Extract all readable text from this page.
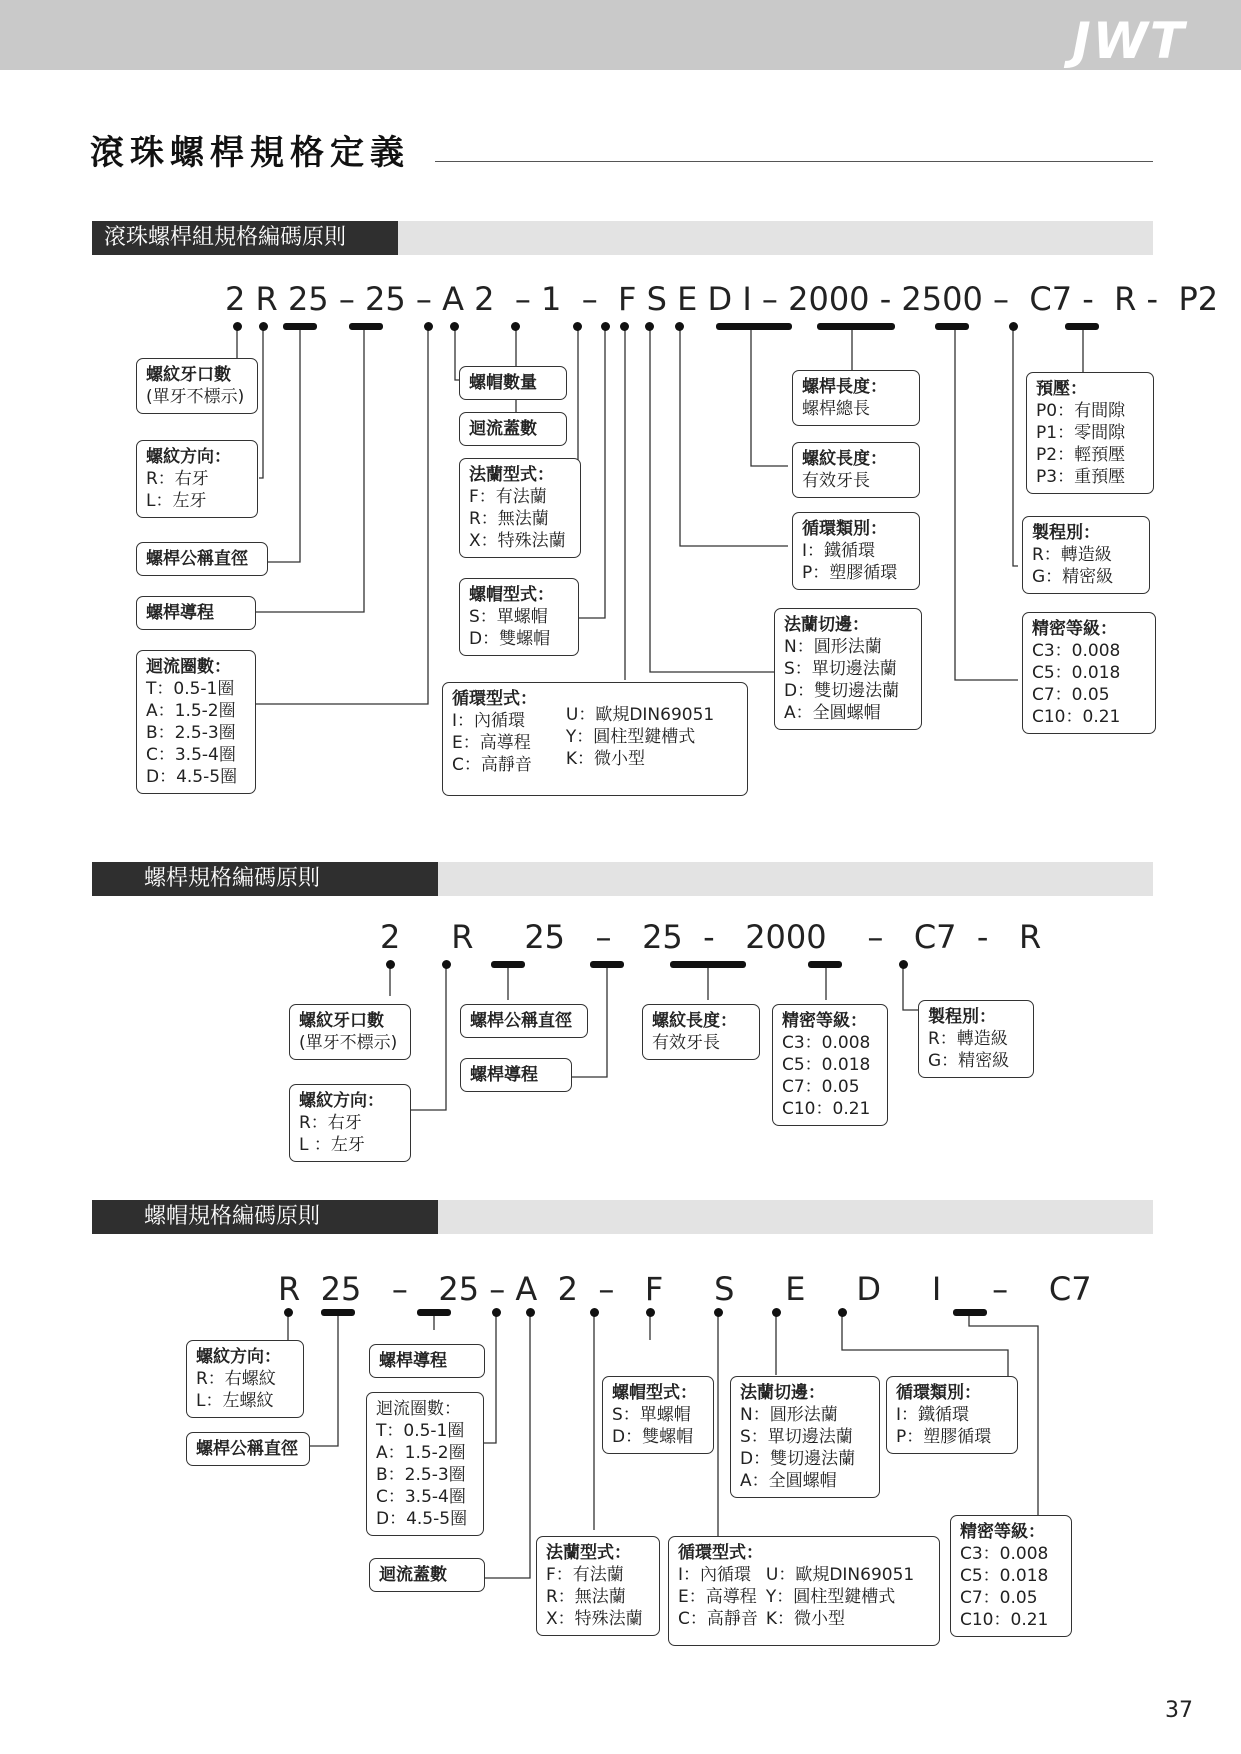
JWT
滾珠螺桿規格定義
滾珠螺桿組規格編碼原則
2 R 25 – 25 – A 2  – 1  –  F S E D I – 2000 - 2500 –  C7 -  R -  P2
螺桿規格編碼原則
2     R     25   –   25  -   2000    –   C7  -   R
螺帽規格編碼原則
R  25   –   25 – A  2  –   F     S     E     D     I     –    C7
螺紋牙口數
(單牙不標示)
螺紋方向：
R：右牙
L：左牙
螺桿公稱直徑
螺桿導程
迴流圈數：
T：0.5-1圈
A：1.5-2圈
B：2.5-3圈
C：3.5-4圈
D：4.5-5圈
螺帽數量
迴流蓋數
法蘭型式：
F：有法蘭
R：無法蘭
X：特殊法蘭
螺帽型式：
S：單螺帽
D：雙螺帽
循環型式：
I：內循環
E：高導程
C：高靜音
U：歐規DIN69051
Y：圓柱型鍵槽式
K：微小型
螺桿長度：
螺桿總長
螺紋長度：
有效牙長
循環類別：
I：鐵循環
P：塑膠循環
法蘭切邊：
N：圓形法蘭
S：單切邊法蘭
D：雙切邊法蘭
A：全圓螺帽
預壓：
P0：有間隙
P1：零間隙
P2：輕預壓
P3：重預壓
製程別：
R：轉造級
G：精密級
精密等級：
C3：0.008
C5：0.018
C7：0.05
C10：0.21
螺紋牙口數
(單牙不標示)
螺紋方向：
R：右牙
L ：左牙
螺桿公稱直徑
螺桿導程
螺紋長度：
有效牙長
精密等級：
C3：0.008
C5：0.018
C7：0.05
C10：0.21
製程別：
R：轉造級
G：精密級
螺紋方向：
R：右螺紋
L：左螺紋
螺桿公稱直徑
螺桿導程
迴流圈數：
T：0.5-1圈
A：1.5-2圈
B：2.5-3圈
C：3.5-4圈
D：4.5-5圈
迴流蓋數
法蘭型式：
F：有法蘭
R：無法蘭
X：特殊法蘭
螺帽型式：
S：單螺帽
D：雙螺帽
循環型式：
I：內循環
E：高導程
C：高靜音
U：歐規DIN69051
Y：圓柱型鍵槽式
K：微小型
法蘭切邊：
N：圓形法蘭
S：單切邊法蘭
D：雙切邊法蘭
A：全圓螺帽
循環類別：
I：鐵循環
P：塑膠循環
精密等級：
C3：0.008
C5：0.018
C7：0.05
C10：0.21
37
